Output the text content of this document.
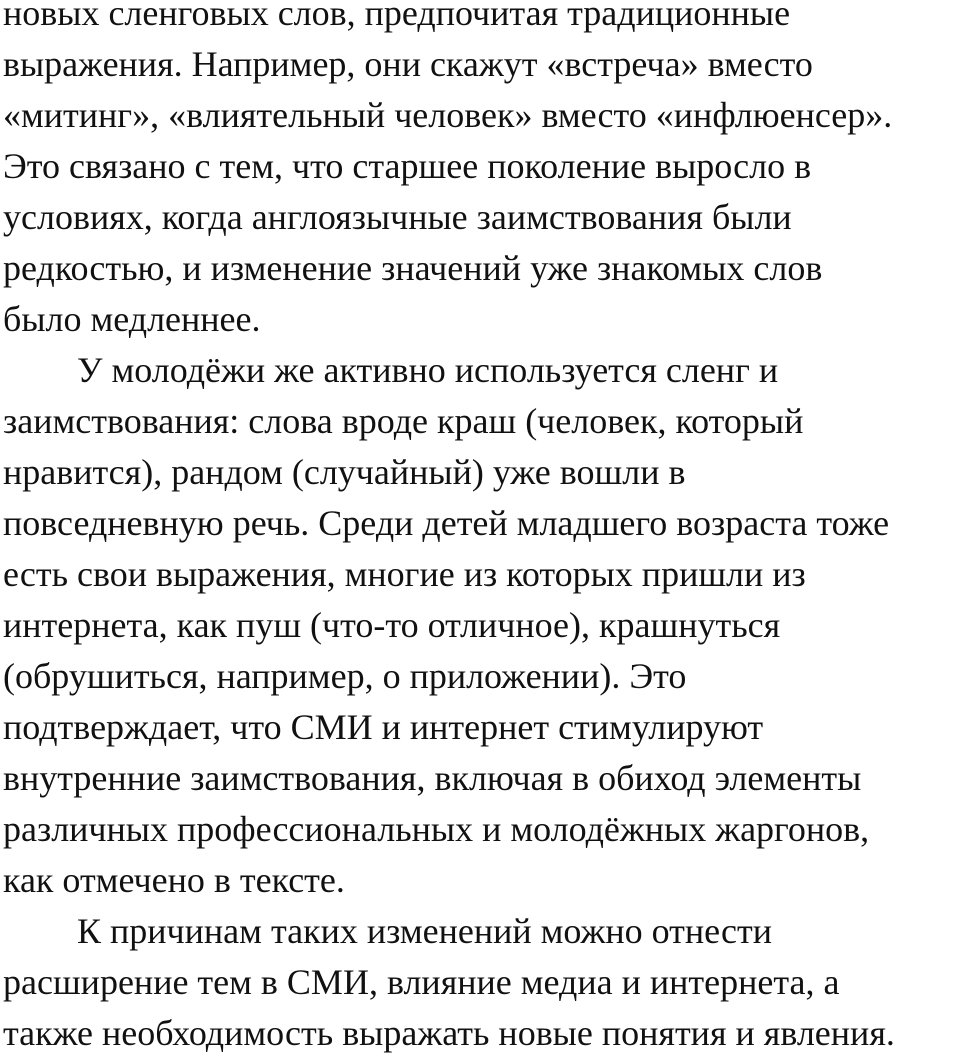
новых сленговых слов, предпочитая традиционные
выражения. Например, они скажут «встреча» вместо
«митинг», «влиятельный человек» вместо «инфлюенсер».
Это связано с тем, что старшее поколение выросло в
условиях, когда англоязычные заимствования были
редкостью, и изменение значений уже знакомых слов
было медленнее.
У молодёжи же активно используется сленг и
заимствования: слова вроде краш (человек, который
нравится), рандом (случайный) уже вошли в
повседневную речь. Среди детей младшего возраста тоже
есть свои выражения, многие из которых пришли из
интернета, как пуш (что-то отличное), крашнуться
(обрушиться, например, о приложении). Это
подтверждает, что СМИ и интернет стимулируют
внутренние заимствования, включая в обиход элементы
различных профессиональных и молодёжных жаргонов,
как отмечено в тексте.
К причинам таких изменений можно отнести
расширение тем в СМИ, влияние медиа и интернета, а
также необходимость выражать новые понятия и явления.
